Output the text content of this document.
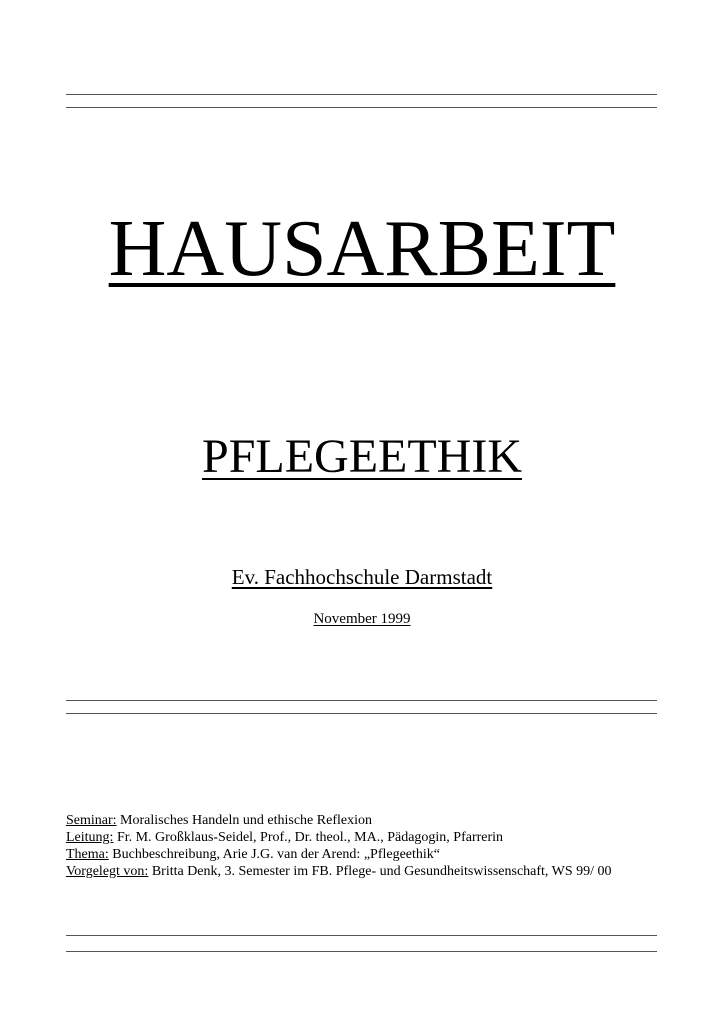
HAUSARBEIT
PFLEGEETHIK
Ev. Fachhochschule Darmstadt
November 1999
Seminar: Moralisches Handeln und ethische Reflexion
Leitung: Fr. M. Großklaus-Seidel, Prof., Dr. theol., MA., Pädagogin, Pfarrerin
Thema: Buchbeschreibung, Arie J.G. van der Arend: „Pflegeethik“
Vorgelegt von: Britta Denk, 3. Semester im FB. Pflege- und Gesundheitswissenschaft, WS 99/ 00
